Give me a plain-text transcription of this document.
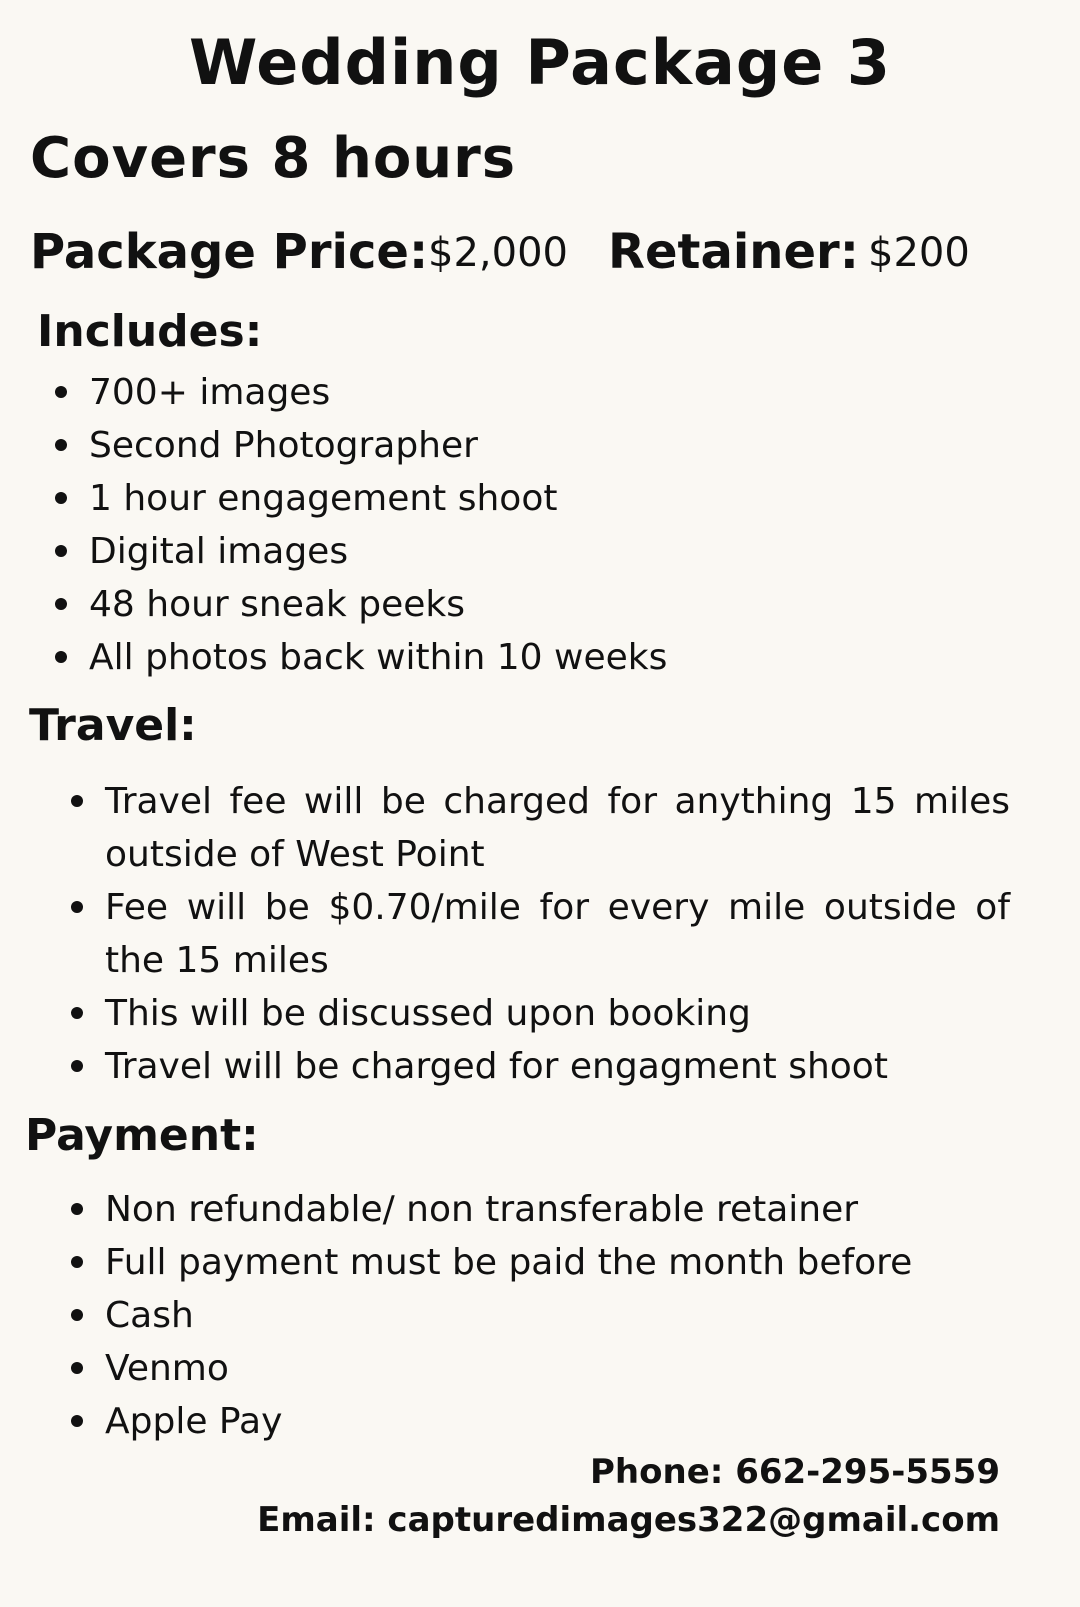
Wedding Package 3
Covers 8 hours
Package Price: $2,000 Retainer: $200
Includes:
700+ images
Second Photographer
1 hour engagement shoot
Digital images
48 hour sneak peeks
All photos back within 10 weeks
Travel:
Travel fee will be charged for anything 15 miles outside of West Point
Fee will be $0.70/mile for every mile outside of the 15 miles
This will be discussed upon booking
Travel will be charged for engagment shoot
Payment:
Non refundable/ non transferable retainer
Full payment must be paid the month before
Cash
Venmo
Apple Pay
Phone: 662-295-5559
Email: capturedimages322@gmail.com
